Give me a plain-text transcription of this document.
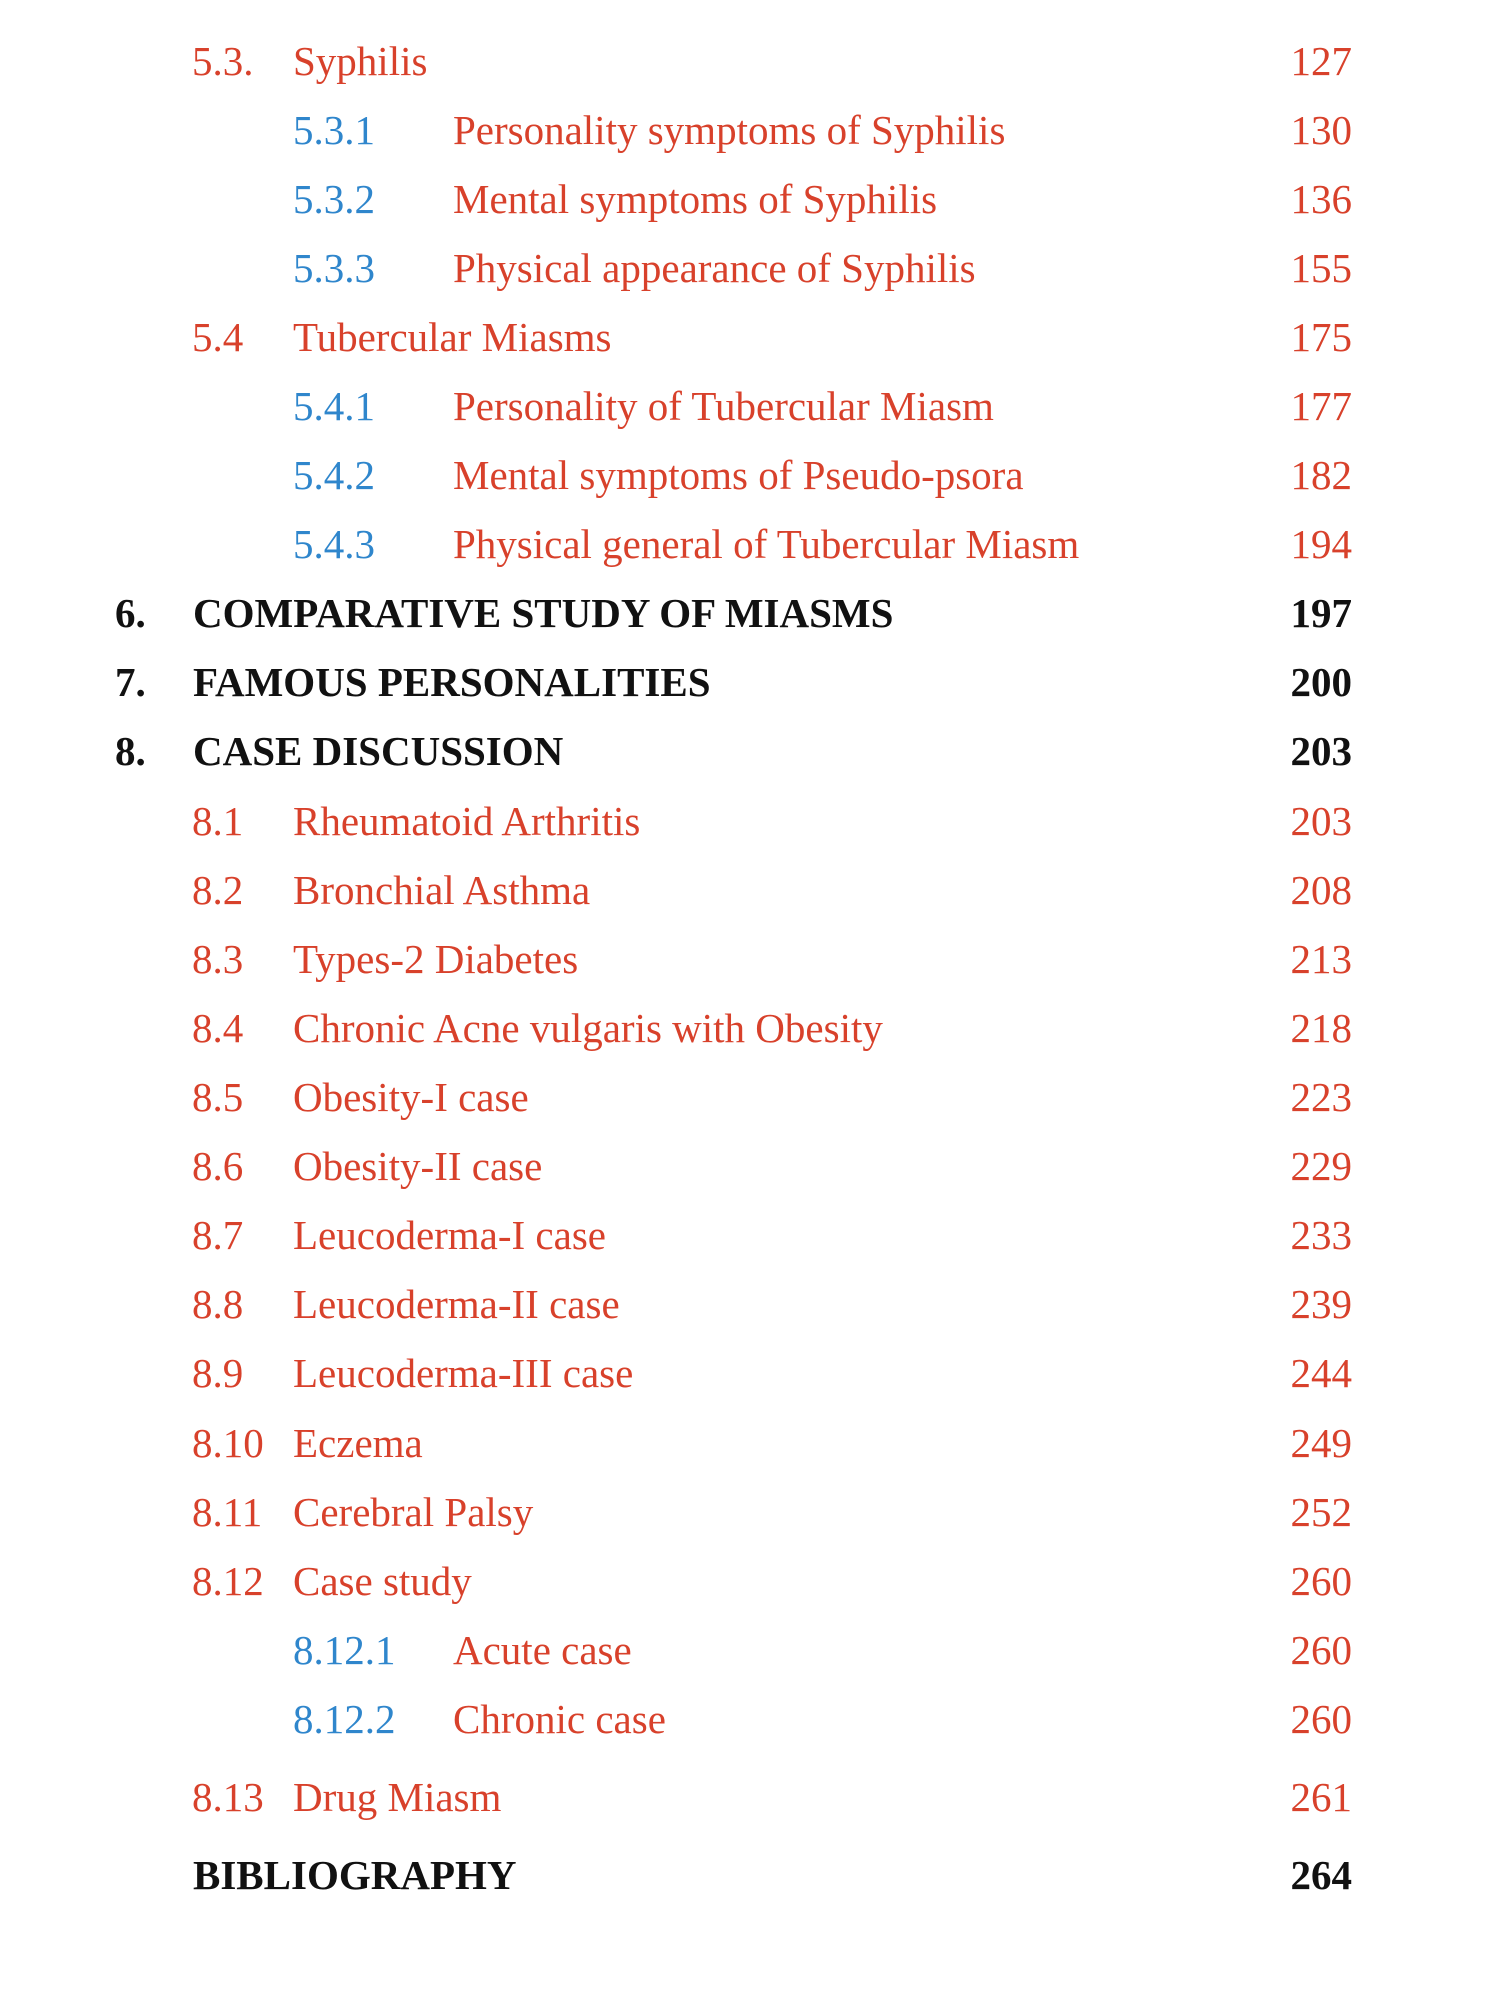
5.3. Syphilis	127
5.3.1 Personality symptoms of Syphilis	130
5.3.2 Mental symptoms of Syphilis	136
5.3.3 Physical appearance of Syphilis	155
5.4 Tubercular Miasms	175
5.4.1 Personality of Tubercular Miasm	177
5.4.2 Mental symptoms of Pseudo-psora	182
5.4.3 Physical general of Tubercular Miasm	194
6. COMPARATIVE STUDY OF MIASMS	197
7. FAMOUS PERSONALITIES	200
8. CASE DISCUSSION	203
8.1 Rheumatoid Arthritis	203
8.2 Bronchial Asthma	208
8.3 Types-2 Diabetes	213
8.4 Chronic Acne vulgaris with Obesity	218
8.5 Obesity-I case	223
8.6 Obesity-II case	229
8.7 Leucoderma-I case	233
8.8 Leucoderma-II case	239
8.9 Leucoderma-III case	244
8.10 Eczema	249
8.11 Cerebral Palsy	252
8.12 Case study	260
8.12.1 Acute case	260
8.12.2 Chronic case	260
8.13 Drug Miasm	261
BIBLIOGRAPHY	264
